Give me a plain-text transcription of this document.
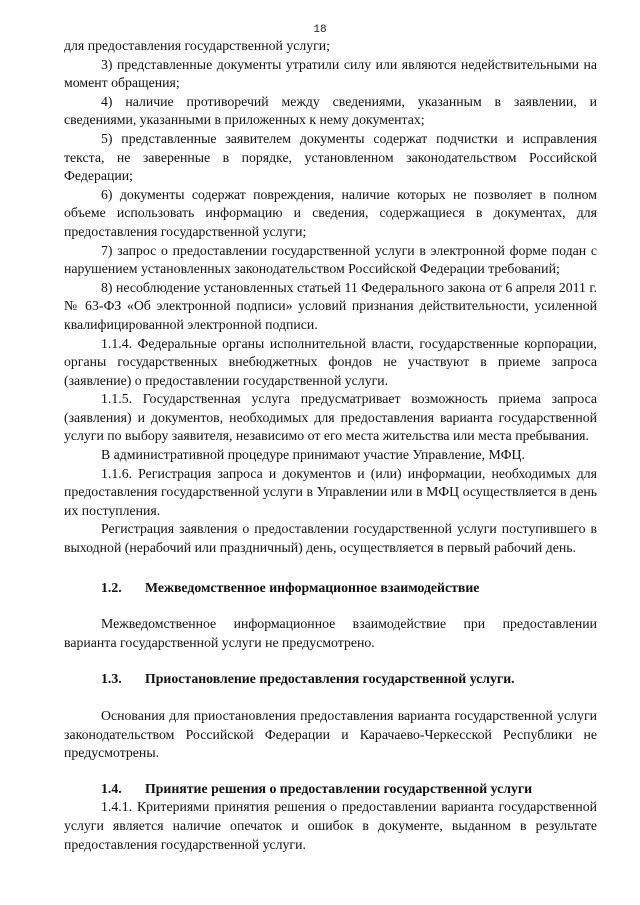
18

для предоставления государственной услуги;

3) представленные документы утратили силу или являются недействительными на момент обращения;

4) наличие противоречий между сведениями, указанным в заявлении, и сведениями, указанными в приложенных к нему документах;

5) представленные заявителем документы содержат подчистки и исправления текста, не заверенные в порядке, установленном законодательством Российской Федерации;

6) документы содержат повреждения, наличие которых не позволяет в полном объеме использовать информацию и сведения, содержащиеся в документах, для предоставления государственной услуги;

7) запрос о предоставлении государственной услуги в электронной форме подан с нарушением установленных законодательством Российской Федерации требований;

8) несоблюдение установленных статьей 11 Федерального закона от 6 апреля 2011 г. № 63-ФЗ «Об электронной подписи» условий признания действительности, усиленной квалифицированной электронной подписи.

1.1.4. Федеральные органы исполнительной власти, государственные корпорации, органы государственных внебюджетных фондов не участвуют в приеме запроса (заявление) о предоставлении государственной услуги.

1.1.5. Государственная услуга предусматривает возможность приема запроса (заявления) и документов, необходимых для предоставления варианта государственной услуги по выбору заявителя, независимо от его места жительства или места пребывания.

В административной процедуре принимают участие Управление, МФЦ.

1.1.6. Регистрация запроса и документов и (или) информации, необходимых для предоставления государственной услуги в Управлении или в МФЦ осуществляется в день их поступления.

Регистрация заявления о предоставлении государственной услуги поступившего в выходной (нерабочий или праздничный) день, осуществляется в первый рабочий день.

1.2.	Межведомственное информационное взаимодействие

Межведомственное информационное взаимодействие при предоставлении варианта государственной услуги не предусмотрено.

1.3.	Приостановление предоставления государственной услуги.

Основания для приостановления предоставления варианта государственной услуги законодательством Российской Федерации и Карачаево-Черкесской Республики не предусмотрены.

1.4.	Принятие решения о предоставлении государственной услуги

1.4.1. Критериями принятия решения о предоставлении варианта государственной услуги является наличие опечаток и ошибок в документе, выданном в результате предоставления государственной услуги.
